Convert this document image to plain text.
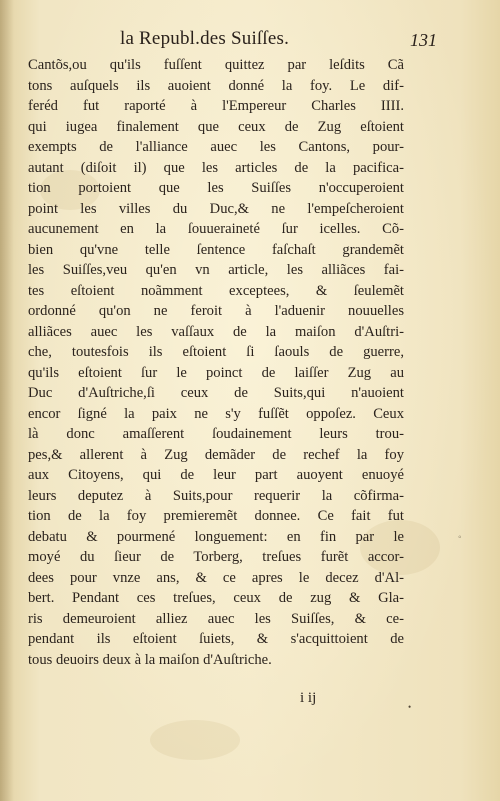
la Republ.des Suiſſes.	131
Cantõs,ou qu'ils fuſſent quittez par leſdits Cã
tons auſquels ils auoient donné la foy. Le dif-
feréd fut raporté à l'Empereur Charles IIII.
qui iugea finalement que ceux de Zug eſtoient
exempts de l'alliance auec les Cantons, pour-
autant (diſoit il) que les articles de la pacifica-
tion portoient que les Suiſſes n'occuperoient
point les villes du Duc,& ne l'empeſcheroient
aucunement en la ſouueraineté ſur icelles. Cõ-
bien qu'vne telle ſentence faſchaſt grandemẽt
les Suiſſes,veu qu'en vn article, les alliãces fai-
tes eſtoient noãmment exceptees, & ſeulemẽt
ordonné qu'on ne feroit à l'aduenir nouuelles
alliãces auec les vaſſaux de la maiſon d'Auſtri-
che, toutesfois ils eſtoient ſi ſaouls de guerre,
qu'ils eſtoient ſur le poinct de laiſſer Zug au
Duc d'Auſtriche,ſi ceux de Suits,qui n'auoient
encor ſigné la paix ne s'y fuſſẽt oppoſez. Ceux
là donc amaſſerent ſoudainement leurs trou-
pes,& allerent à Zug demãder de rechef la foy
aux Citoyens, qui de leur part auoyent enuoyé
leurs deputez à Suits,pour requerir la cõfirma-
tion de la foy premieremẽt donnee. Ce fait fut
debatu & pourmené longuement: en fin par le
moyé du ſieur de Torberg, treſues furẽt accor-
dees pour vnze ans, & ce apres le decez d'Al-
bert. Pendant ces treſues, ceux de zug & Gla-
ris demeuroient alliez auec les Suiſſes, & ce-
pendant ils eſtoient ſuiets, & s'acquittoient de
tous deuoirs deux à la maiſon d'Auſtriche.
i ij
◦
•
